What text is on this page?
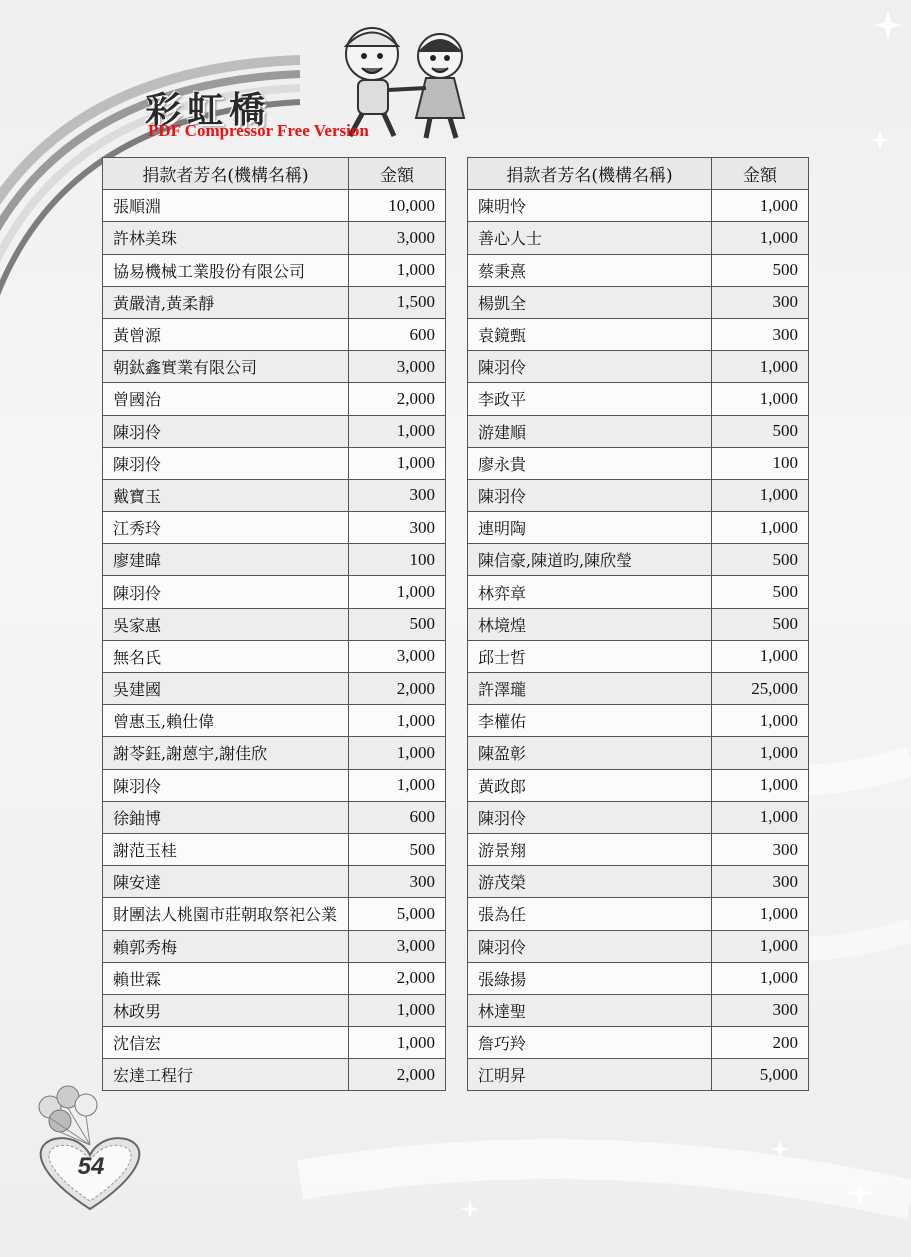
彩虹橋
PDF Compressor Free Version
捐款者芳名(機構名稱)	金額
張順淵	10,000
許林美珠	3,000
協易機械工業股份有限公司	1,000
黃嚴清,黃柔靜	1,500
黃曾源	600
朝鈦鑫實業有限公司	3,000
曾國治	2,000
陳羽伶	1,000
陳羽伶	1,000
戴寶玉	300
江秀玲	300
廖建暐	100
陳羽伶	1,000
吳家惠	500
無名氏	3,000
吳建國	2,000
曾惠玉,賴仕偉	1,000
謝苓鈺,謝蒽宇,謝佳欣	1,000
陳羽伶	1,000
徐鈾博	600
謝范玉桂	500
陳安達	300
財團法人桃園市莊朝取祭祀公業	5,000
賴郭秀梅	3,000
賴世霖	2,000
林政男	1,000
沈信宏	1,000
宏達工程行	2,000
捐款者芳名(機構名稱)	金額
陳明怜	1,000
善心人士	1,000
蔡秉熹	500
楊凱全	300
袁鏡甄	300
陳羽伶	1,000
李政平	1,000
游建順	500
廖永貴	100
陳羽伶	1,000
連明陶	1,000
陳信豪,陳道昀,陳欣瑩	500
林弈章	500
林境煌	500
邱士哲	1,000
許澤瓏	25,000
李權佑	1,000
陳盈彰	1,000
黃政郎	1,000
陳羽伶	1,000
游景翔	300
游茂榮	300
張為任	1,000
陳羽伶	1,000
張綠揚	1,000
林達聖	300
詹巧羚	200
江明昇	5,000
54
